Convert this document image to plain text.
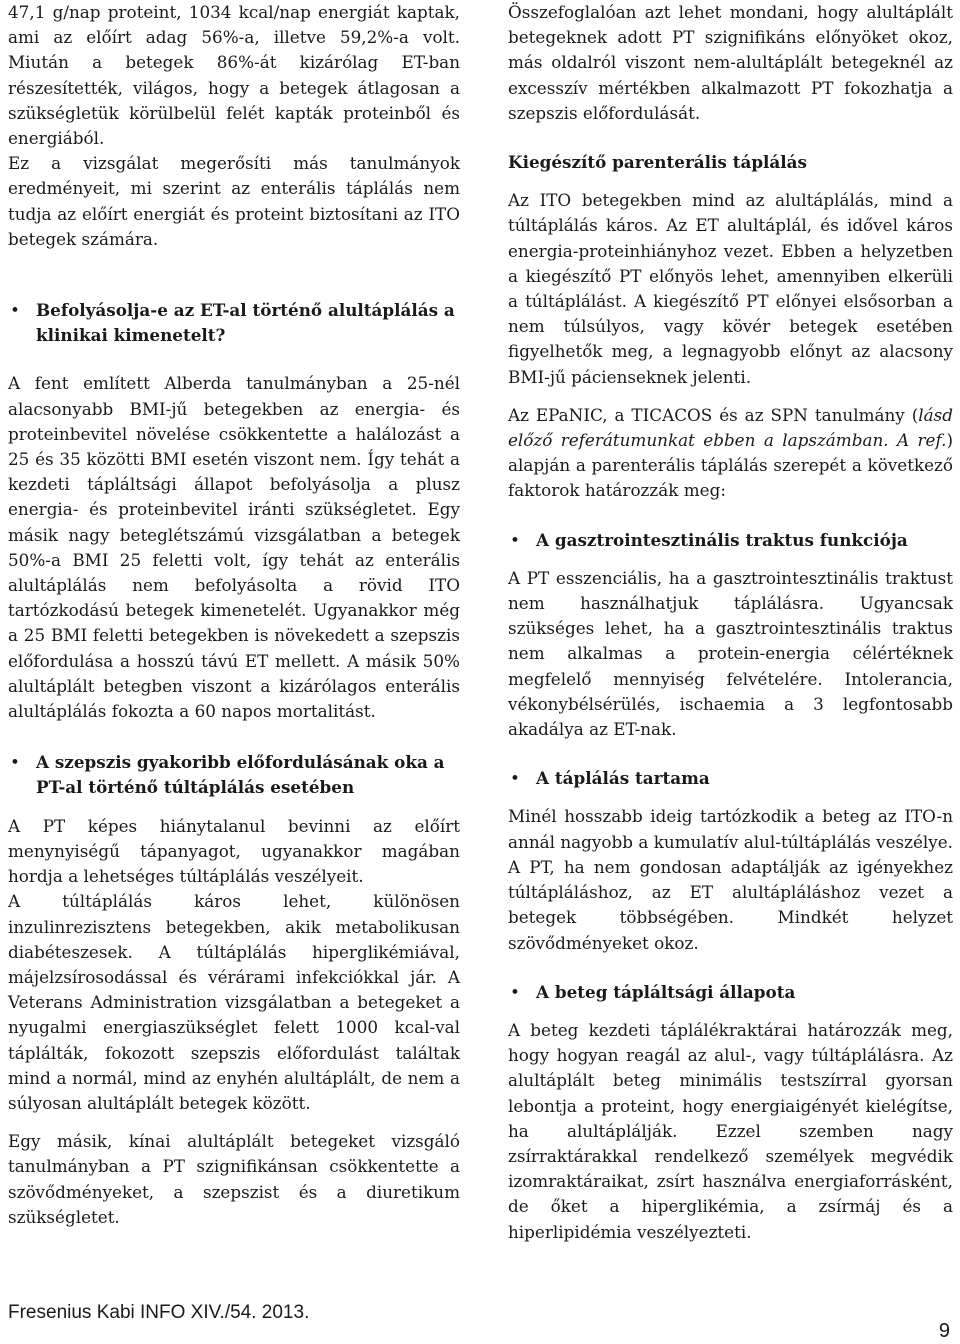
47,1 g/nap proteint, 1034 kcal/nap energiát kaptak, ami az előírt adag 56%-a, illetve 59,2%-a volt. Miután a betegek 86%-át kizárólag ET-ban részesítették, világos, hogy a betegek átlagosan a szükségletük körülbelül felét kapták proteinből és energiából.

Ez a vizsgálat megerősíti más tanulmányok eredményeit, mi szerint az enterális táplálás nem tudja az előírt energiát és proteint biztosítani az ITO betegek számára.

• Befolyásolja-e az ET-al történő alultáplálás a klinikai kimenetelt?

A fent említett Alberda tanulmányban a 25-nél alacsonyabb BMI-jű betegekben az energia- és proteinbevitel növelése csökkentette a halálozást a 25 és 35 közötti BMI esetén viszont nem. Így tehát a kezdeti tápláltsági állapot befolyásolja a plusz energia- és proteinbevitel iránti szükségletet. Egy másik nagy beteglétszámú vizsgálatban a betegek 50%-a BMI 25 feletti volt, így tehát az enterális alultáplálás nem befolyásolta a rövid ITO tartózkodású betegek kimenetelét. Ugyanakkor még a 25 BMI feletti betegekben is növekedett a szepszis előfordulása a hosszú távú ET mellett. A másik 50% alultáplált betegben viszont a kizárólagos enterális alultáplálás fokozta a 60 napos mortalitást.

• A szepszis gyakoribb előfordulásának oka a PT-al történő túltáplálás esetében

A PT képes hiánytalanul bevinni az előírt menynyiségű tápanyagot, ugyanakkor magában hordja a lehetséges túltáplálás veszélyeit.

A túltáplálás káros lehet, különösen inzulinrezisztens betegekben, akik metabolikusan diabéteszesek. A túltáplálás hiperglikémiával, májelzsírosodással és vérárami infekciókkal jár. A Veterans Administration vizsgálatban a betegeket a nyugalmi energiaszükséglet felett 1000 kcal-val táplálták, fokozott szepszis előfordulást találtak mind a normál, mind az enyhén alultáplált, de nem a súlyosan alultáplált betegek között.

Egy másik, kínai alultáplált betegeket vizsgáló tanulmányban a PT szignifikánsan csökkentette a szövődményeket, a szepszist és a diuretikum szükségletet.

Összefoglalóan azt lehet mondani, hogy alultáplált betegeknek adott PT szignifikáns előnyöket okoz, más oldalról viszont nem-alultáplált betegeknél az excesszív mértékben alkalmazott PT fokozhatja a szepszis előfordulását.

Kiegészítő parenterális táplálás

Az ITO betegekben mind az alultáplálás, mind a túltáplálás káros. Az ET alultáplál, és idővel káros energia-proteinhiányhoz vezet. Ebben a helyzetben a kiegészítő PT előnyös lehet, amennyiben elkerüli a túltáplálást. A kiegészítő PT előnyei elsősorban a nem túlsúlyos, vagy kövér betegek esetében figyelhetők meg, a legnagyobb előnyt az alacsony BMI-jű pácienseknek jelenti.

Az EPaNIC, a TICACOS és az SPN tanulmány (lásd előző referátumunkat ebben a lapszámban. A ref.) alapján a parenterális táplálás szerepét a következő faktorok határozzák meg:

• A gasztrointesztinális traktus funkciója

A PT esszenciális, ha a gasztrointesztinális traktust nem használhatjuk táplálásra. Ugyancsak szükséges lehet, ha a gasztrointesztinális traktus nem alkalmas a protein-energia célértéknek megfelelő mennyiség felvételére. Intolerancia, vékonybélsérülés, ischaemia a 3 legfontosabb akadálya az ET-nak.

• A táplálás tartama

Minél hosszabb ideig tartózkodik a beteg az ITO-n annál nagyobb a kumulatív alul-túltáplálás veszélye. A PT, ha nem gondosan adaptálják az igényekhez túltápláláshoz, az ET alultápláláshoz vezet a betegek többségében. Mindkét helyzet szövődményeket okoz.

• A beteg tápláltsági állapota

A beteg kezdeti táplálékraktárai határozzák meg, hogy hogyan reagál az alul-, vagy túltáplálásra. Az alultáplált beteg minimális testszírral gyorsan lebontja a proteint, hogy energiaigényét kielégítse, ha alultáplálják. Ezzel szemben nagy zsírraktárakkal rendelkező személyek megvédik izomraktáraikat, zsírt használva energiaforrásként, de őket a hiperglikémia, a zsírmáj és a hiperlipidémia veszélyezteti.

Fresenius Kabi INFO XIV./54. 2013.
9
